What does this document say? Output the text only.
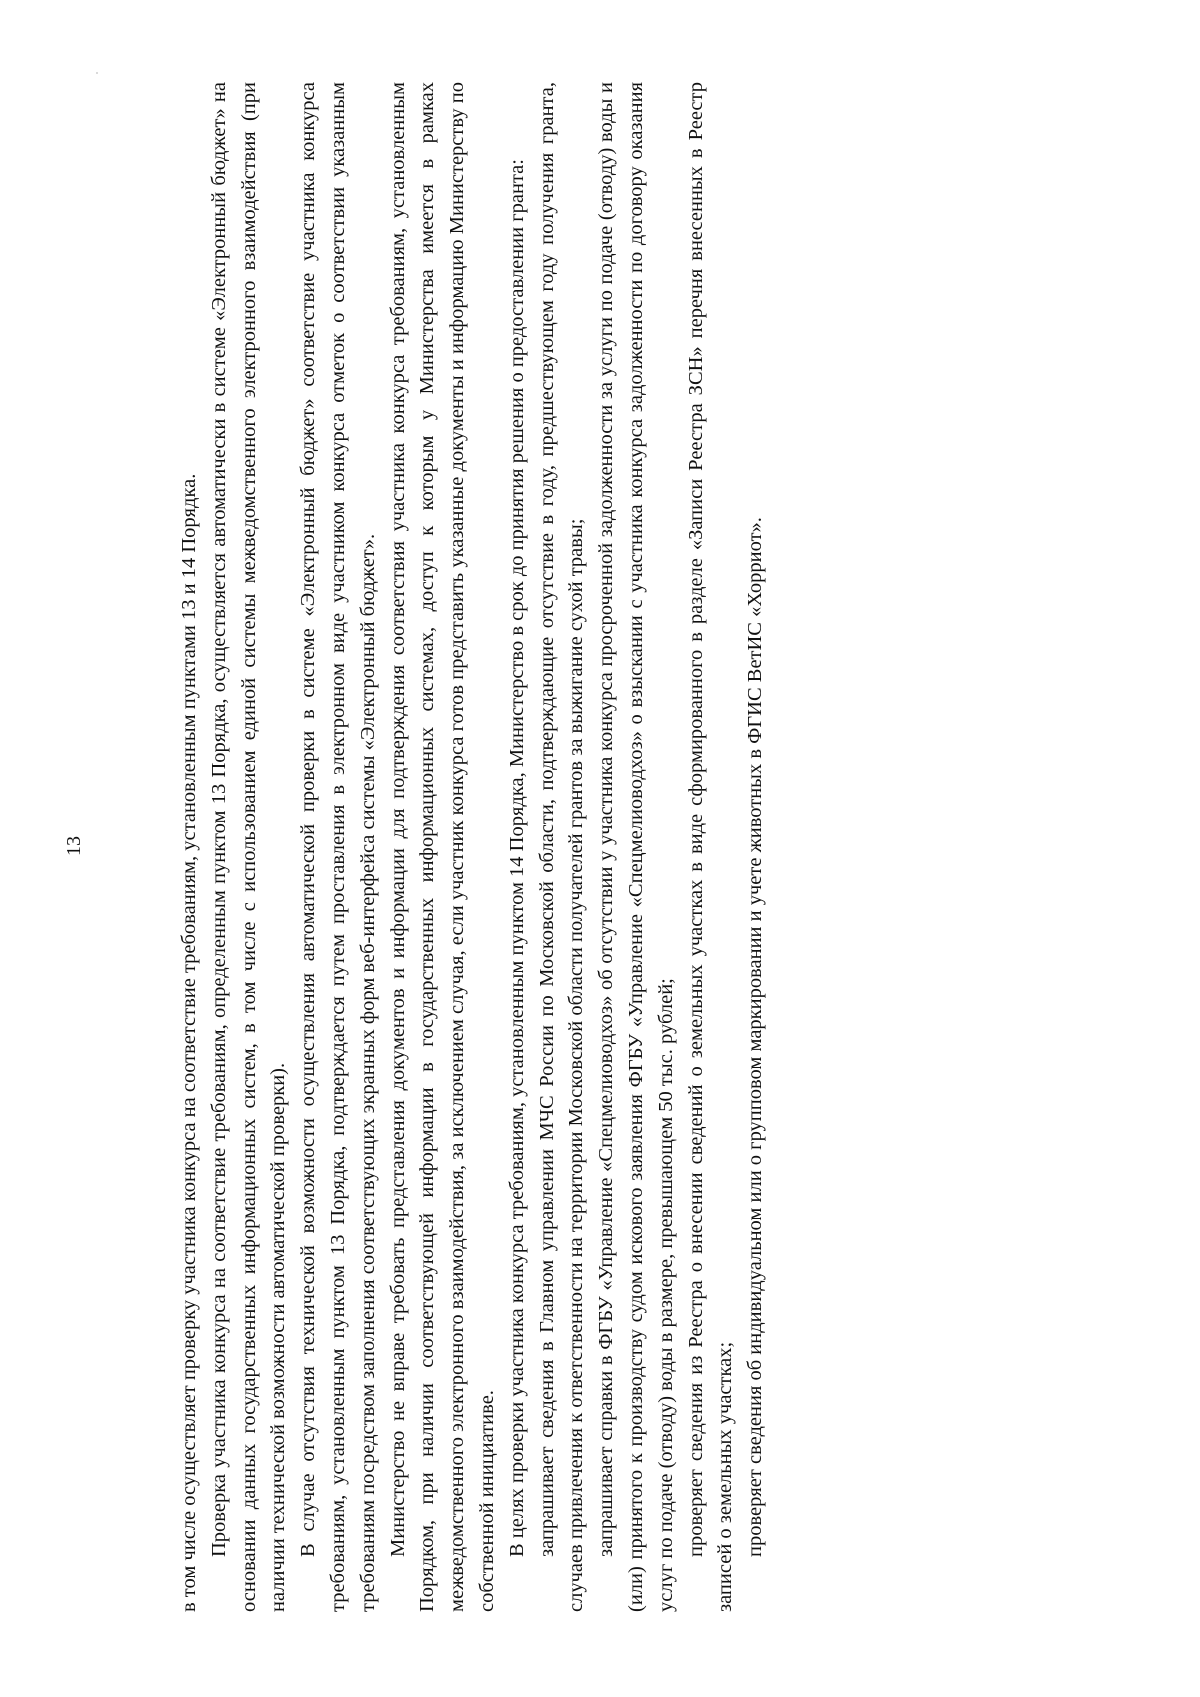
13	в том числе осуществляет проверку участника конкурса на соответствие требованиям, установленным пунктами 13 и 14 Порядка. Проверка участника конкурса на соответствие требованиям, определенным пунктом 13 Порядка, осуществляется автоматически в системе «Электронный бюджет» на основании данных государственных информационных систем, в том числе с использованием единой системы межведомственного электронного взаимодействия (при наличии технической возможности автоматической проверки). В случае отсутствия технической возможности осуществления автоматической проверки в системе «Электронный бюджет» соответствие участника конкурса требованиям, установленным пунктом 13 Порядка, подтверждается путем проставления в электронном виде участником конкурса отметок о соответствии указанным требованиям посредством заполнения соответствующих экранных форм веб-интерфейса системы «Электронный бюджет». Министерство не вправе требовать представления документов и информации для подтверждения соответствия участника конкурса требованиям, установленным Порядком, при наличии соответствующей информации в государственных информационных системах, доступ к которым у Министерства имеется в рамках межведомственного электронного взаимодействия, за исключением случая, если участник конкурса готов представить указанные документы и информацию Министерству по собственной инициативе. В целях проверки участника конкурса требованиям, установленным пунктом 14 Порядка, Министерство в срок до принятия решения о предоставлении гранта: запрашивает сведения в Главном управлении МЧС России по Московской области, подтверждающие отсутствие в году, предшествующем году получения гранта, случаев привлечения к ответственности на территории Московской области получателей грантов за выжигание сухой травы; запрашивает справки в ФГБУ «Управление «Спецмелиоводхоз» об отсутствии у участника конкурса просроченной задолженности за услуги по подаче (отводу) воды и (или) принятого к производству судом искового заявления ФГБУ «Управление «Спецмелиоводхоз» о взыскании с участника конкурса задолженности по договору оказания услуг по подаче (отводу) воды в размере, превышающем 50 тыс. рублей; проверяет сведения из Реестра о внесении сведений о земельных участках в виде сформированного в разделе «Записи Реестра ЗСН» перечня внесенных в Реестр записей о земельных участках; проверяет сведения об индивидуальном или о групповом маркировании и учете животных в ФГИС ВетИС «Хорриот».
